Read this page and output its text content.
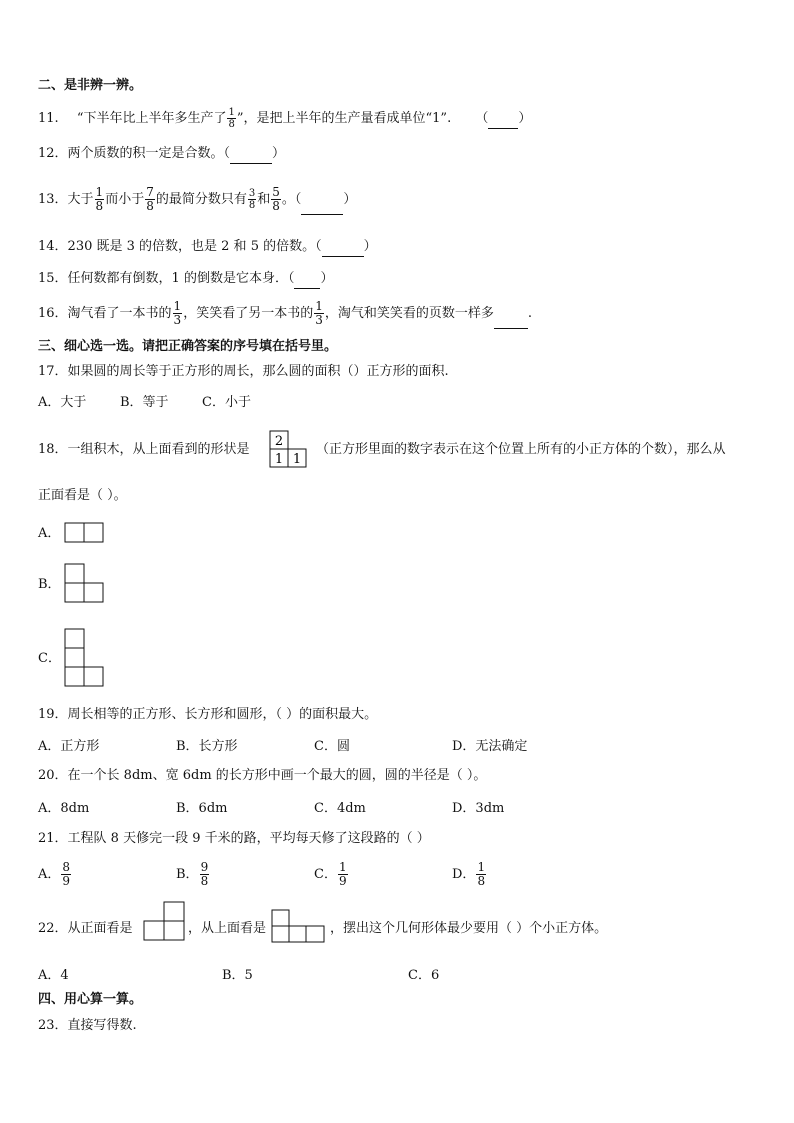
二、是非辨一辨。
11. “下半年比上半年多生产了 $\frac{1}{8}$ ”，是把上半年的生产量看成单位“1”. （ ）
12．两个质数的积一定是合数。（	）
13．大于 $\frac{1}{8}$ 而小于 $\frac{7}{8}$ 的最简分数只有 $\frac{3}{8}$ 和 $\frac{5}{8}$ 。（	）
14．230 既是 3 的倍数，也是 2 和 5 的倍数。（	）
15．任何数都有倒数，1 的倒数是它本身．（ ）
16．淘气看了一本书的 $\frac{1}{3}$ ，笑笑看了另一本书的 $\frac{1}{3}$ ，淘气和笑笑看的页数一样多	.
三、细心选一选。请把正确答案的序号填在括号里。
17．如果圆的周长等于正方形的周长，那么圆的面积（）正方形的面积.
A．大于	B．等于	C．小于
18．一组积木，从上面看到的形状是
2
1 1
（正方形里面的数字表示在这个位置上所有的小正方体的个数），那么从
正面看是（ ）。
A．
B．
C．
19．周长相等的正方形、长方形和圆形，（ ）的面积最大。
A．正方形	B．长方形	C．圆	D．无法确定
20．在一个长 8dm、宽 6dm 的长方形中画一个最大的圆，圆的半径是（ ）。
A．8dm	B．6dm	C．4dm	D．3dm
21．工程队 8 天修完一段 9 千米的路，平均每天修了这段路的（ ）
A． $\frac{8}{9}$	B． $\frac{9}{8}$	C． $\frac{1}{9}$	D． $\frac{1}{8}$
22．从正面看是	，从上面看是	，摆出这个几何形体最少要用（ ）个小正方体。
A．4	B．5	C．6
四、用心算一算。
23．直接写得数.
